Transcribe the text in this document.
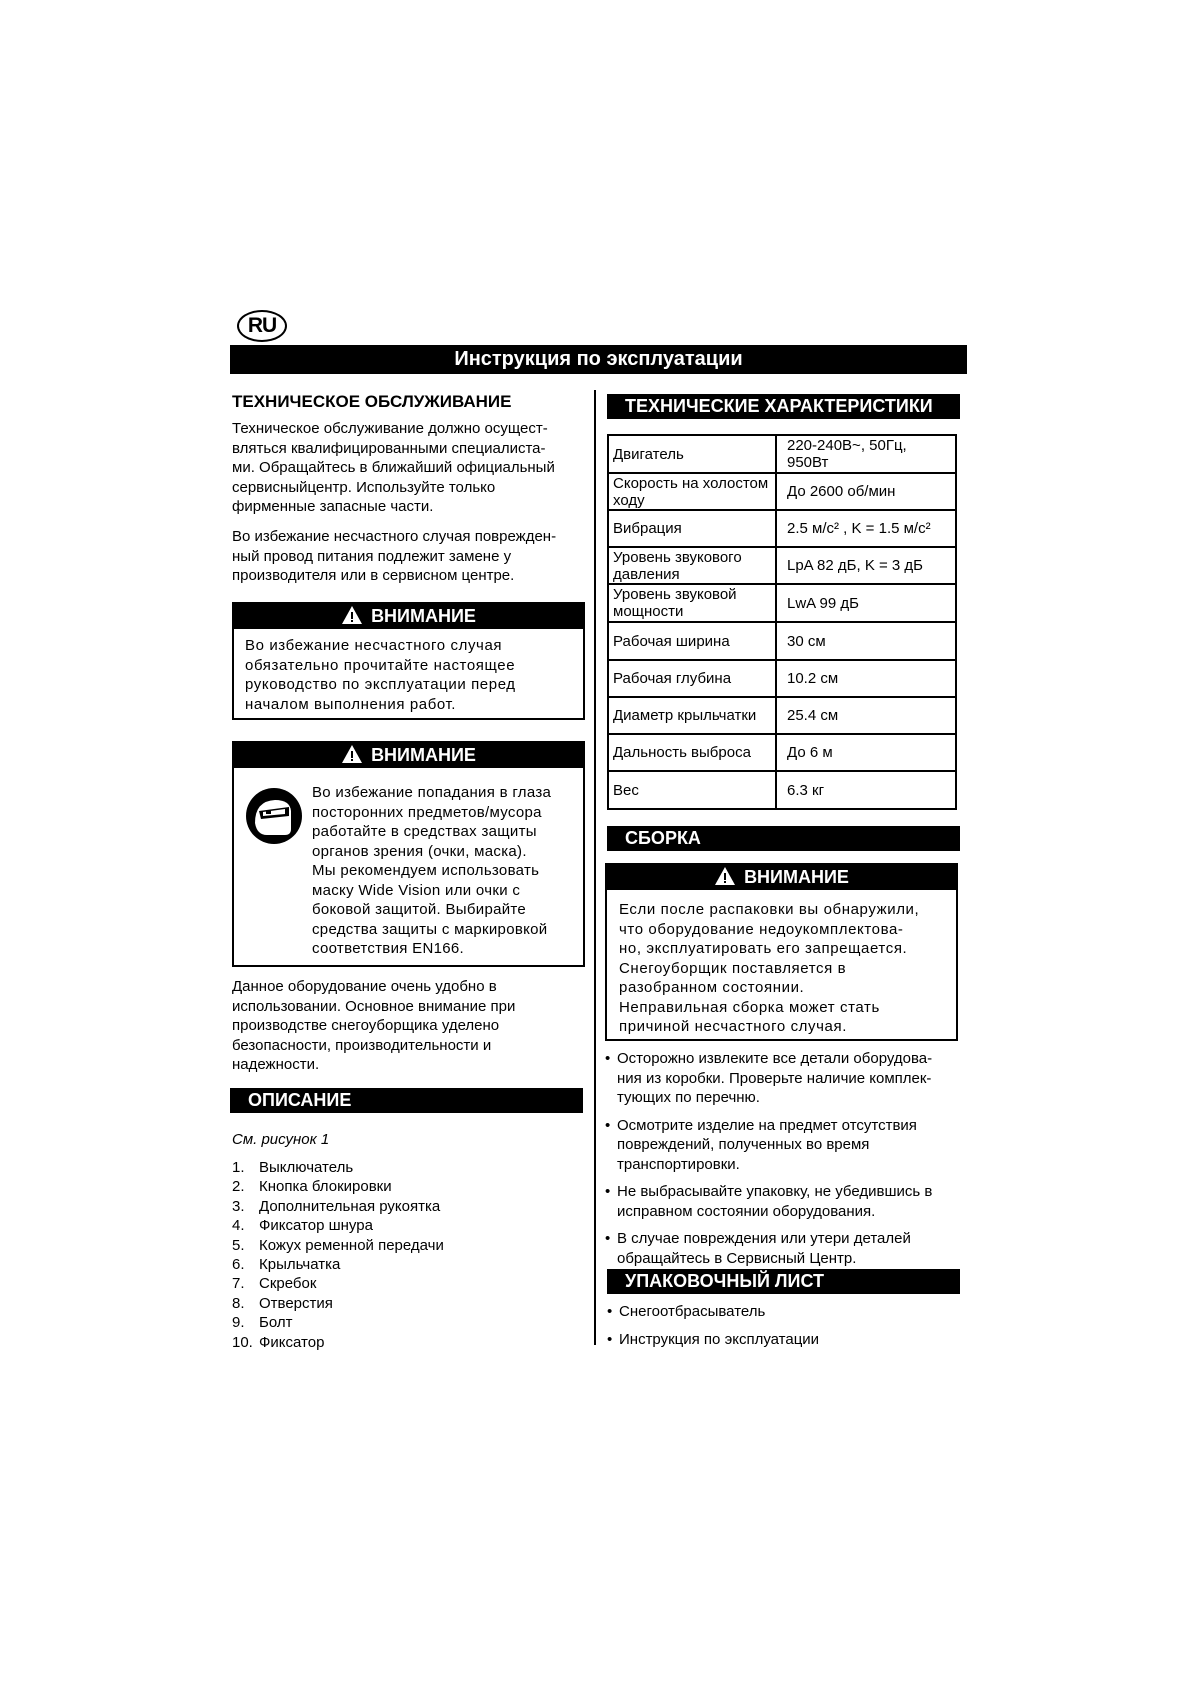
RU
Инструкция по эксплуатации
ТЕХНИЧЕСКОЕ ОБСЛУЖИВАНИЕ
Техническое обслуживание должно осущест-
вляться квалифицированными специалиста-
ми. Обращайтесь в ближайший официальный
сервисныйцентр. Используйте только
фирменные запасные части.
Во избежание несчастного случая поврежден-
ный провод питания подлежит замене у
производителя или в сервисном центре.
ВНИМАНИЕ
Во избежание несчастного случая
обязательно прочитайте настоящее
руководство по эксплуатации перед
началом выполнения работ.
ВНИМАНИЕ
Во избежание попадания в глаза
посторонних предметов/мусора
работайте в средствах защиты
органов зрения (очки, маска).
Мы рекомендуем использовать
маску Wide Vision или очки с
боковой защитой. Выбирайте
средства защиты с маркировкой
соответствия EN166.
Данное оборудование очень удобно в
использовании. Основное внимание при
производстве снегоуборщика уделено
безопасности, производительности и
надежности.
ОПИСАНИЕ
См. рисунок 1
1. Выключатель
2. Кнопка блокировки
3. Дополнительная рукоятка
4. Фиксатор шнура
5. Кожух ременной передачи
6. Крыльчатка
7. Скребок
8. Отверстия
9. Болт
10. Фиксатор
ТЕХНИЧЕСКИЕ ХАРАКТЕРИСТИКИ
Двигатель	220-240В~, 50Гц, 950Вт
Скорость на холостом ходу	До 2600 об/мин
Вибрация	2.5 м/с² , K = 1.5 м/с²
Уровень звукового давления	LpA 82 дБ, K = 3 дБ
Уровень звуковой мощности	LwA 99 дБ
Рабочая ширина	30 см
Рабочая глубина	10.2 см
Диаметр крыльчатки	25.4 см
Дальность выброса	До 6 м
Вес	6.3 кг
СБОРКА
ВНИМАНИЕ
Если после распаковки вы обнаружили,
что оборудование недоукомплектова-
но, эксплуатировать его запрещается.
Снегоуборщик поставляется в
разобранном состоянии.
Неправильная сборка может стать
причиной несчастного случая.
• Осторожно извлеките все детали оборудова- ния из коробки. Проверьте наличие комплек- тующих по перечню.
• Осмотрите изделие на предмет отсутствия повреждений, полученных во время транспортировки.
• Не выбрасывайте упаковку, не убедившись в исправном состоянии оборудования.
• В случае повреждения или утери деталей обращайтесь в Сервисный Центр.
УПАКОВОЧНЫЙ ЛИСТ
• Снегоотбрасыватель
• Инструкция по эксплуатации
